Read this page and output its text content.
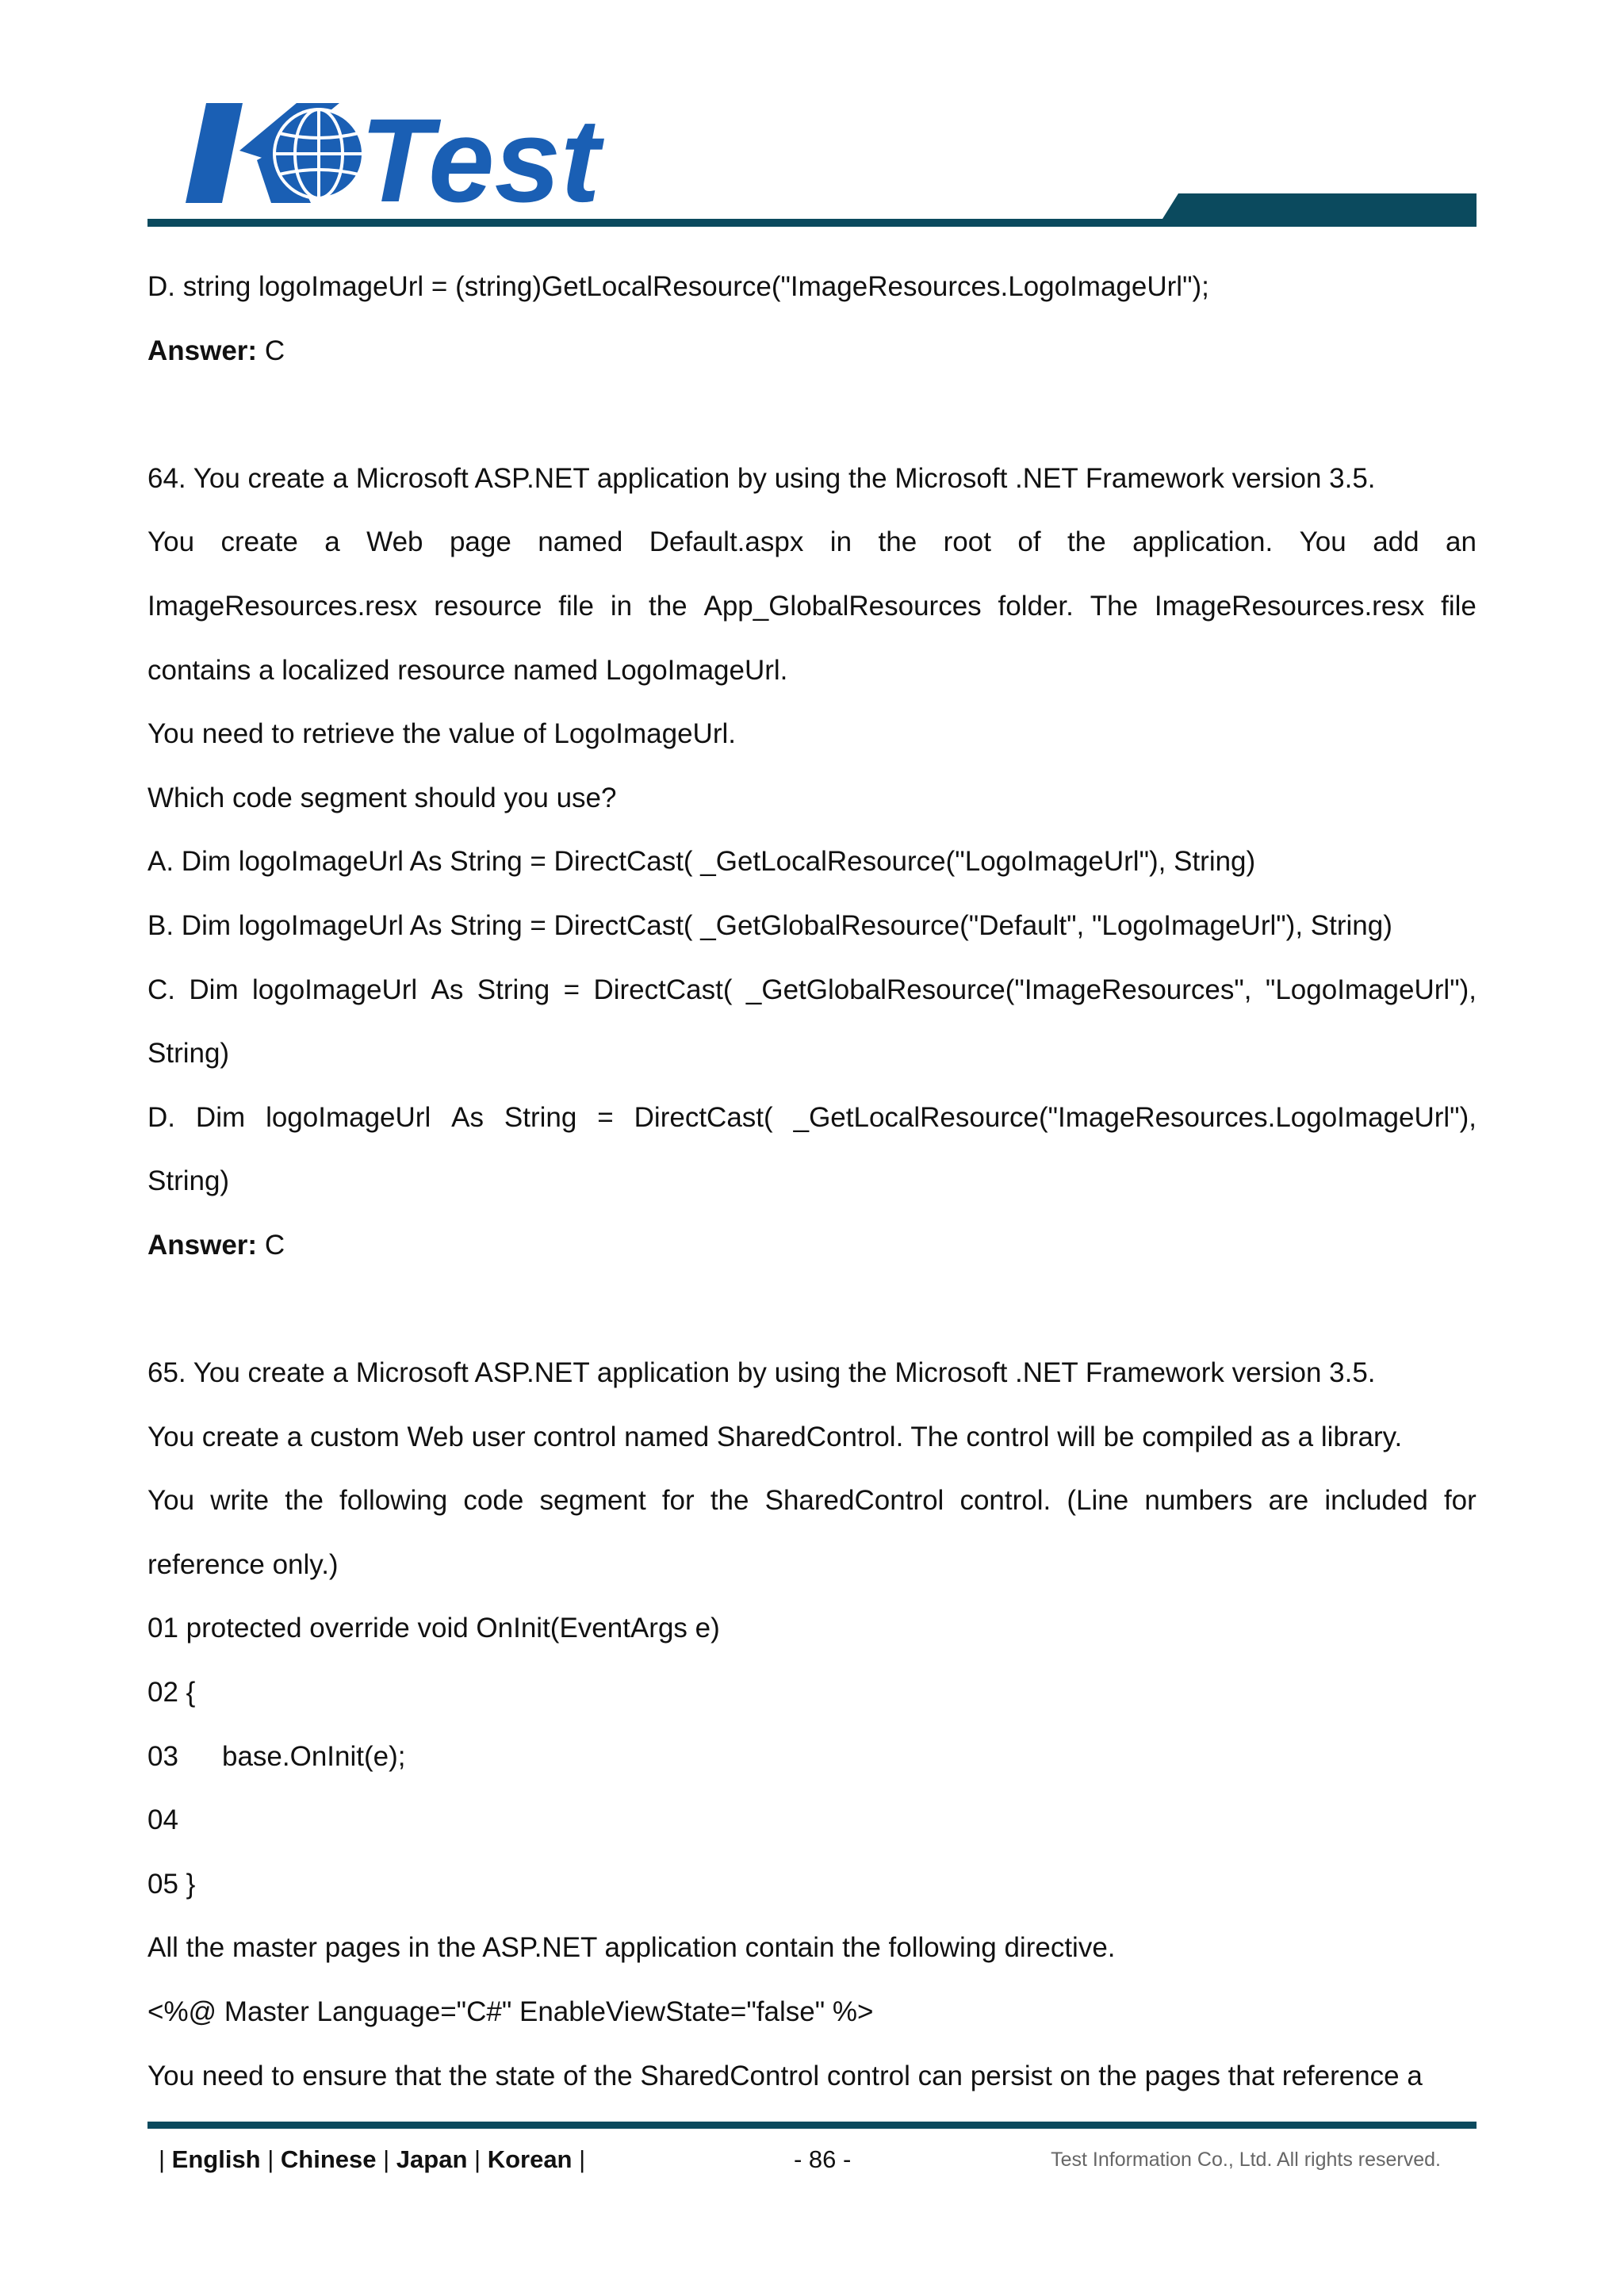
Test
D. string logoImageUrl = (string)GetLocalResource("ImageResources.LogoImageUrl");
Answer: C
64. You create a Microsoft ASP.NET application by using the Microsoft .NET Framework version 3.5.
You create a Web page named Default.aspx in the root of the application. You add an
ImageResources.resx resource file in the App_GlobalResources folder. The ImageResources.resx file
contains a localized resource named LogoImageUrl.
You need to retrieve the value of LogoImageUrl.
Which code segment should you use?
A. Dim logoImageUrl As String = DirectCast( _GetLocalResource("LogoImageUrl"), String)
B. Dim logoImageUrl As String = DirectCast( _GetGlobalResource("Default", "LogoImageUrl"), String)
C. Dim logoImageUrl As String = DirectCast( _GetGlobalResource("ImageResources", "LogoImageUrl"),
String)
D. Dim logoImageUrl As String = DirectCast( _GetLocalResource("ImageResources.LogoImageUrl"),
String)
Answer: C
65. You create a Microsoft ASP.NET application by using the Microsoft .NET Framework version 3.5.
You create a custom Web user control named SharedControl. The control will be compiled as a library.
You write the following code segment for the SharedControl control. (Line numbers are included for
reference only.)
01 protected override void OnInit(EventArgs e)
02 {
03 base.OnInit(e);
04
05 }
All the master pages in the ASP.NET application contain the following directive.
<%@ Master Language="C#" EnableViewState="false" %>
You need to ensure that the state of the SharedControl control can persist on the pages that reference a
| English | Chinese | Japan | Korean |	- 86 -	Test Information Co., Ltd. All rights reserved.
